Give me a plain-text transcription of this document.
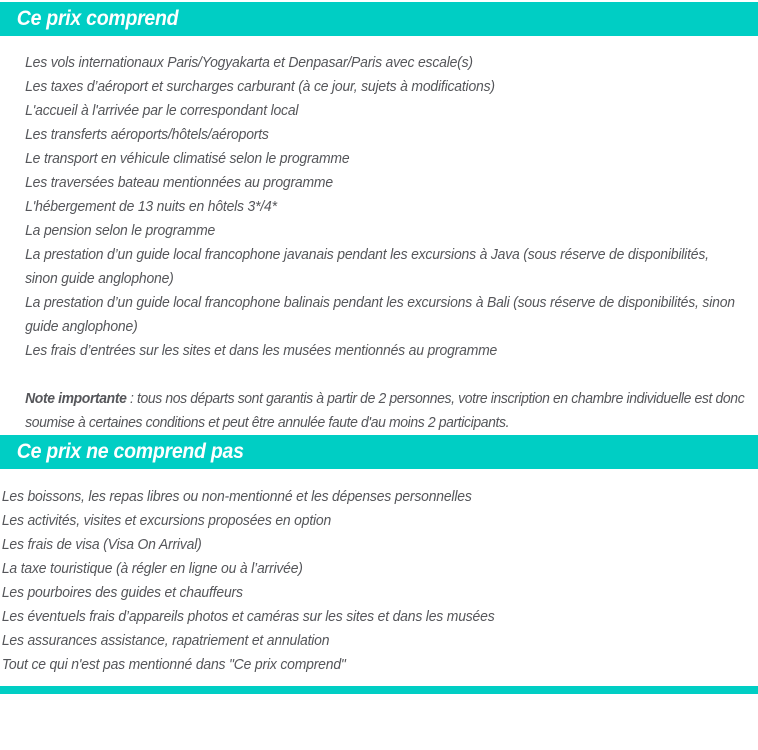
Ce prix comprend
Les vols internationaux Paris/Yogyakarta et Denpasar/Paris avec escale(s)
Les taxes d’aéroport et surcharges carburant (à ce jour, sujets à modifications)
L'accueil à l'arrivée par le correspondant local
Les transferts aéroports/hôtels/aéroports
Le transport en véhicule climatisé selon le programme
Les traversées bateau mentionnées au programme
L'hébergement de 13 nuits en hôtels 3*/4*
La pension selon le programme
La prestation d’un guide local francophone javanais pendant les excursions à Java (sous réserve de disponibilités, sinon guide anglophone)
La prestation d’un guide local francophone balinais pendant les excursions à Bali (sous réserve de disponibilités, sinon guide anglophone)
Les frais d’entrées sur les sites et dans les musées mentionnés au programme

Note importante : tous nos départs sont garantis à partir de 2 personnes, votre inscription en chambre individuelle est donc soumise à certaines conditions et peut être annulée faute d'au moins 2 participants.

Ce prix ne comprend pas
Les boissons, les repas libres ou non-mentionné et les dépenses personnelles
Les activités, visites et excursions proposées en option
Les frais de visa (Visa On Arrival)
La taxe touristique (à régler en ligne ou à l’arrivée)
Les pourboires des guides et chauffeurs
Les éventuels frais d’appareils photos et caméras sur les sites et dans les musées
Les assurances assistance, rapatriement et annulation
Tout ce qui n'est pas mentionné dans "Ce prix comprend"
